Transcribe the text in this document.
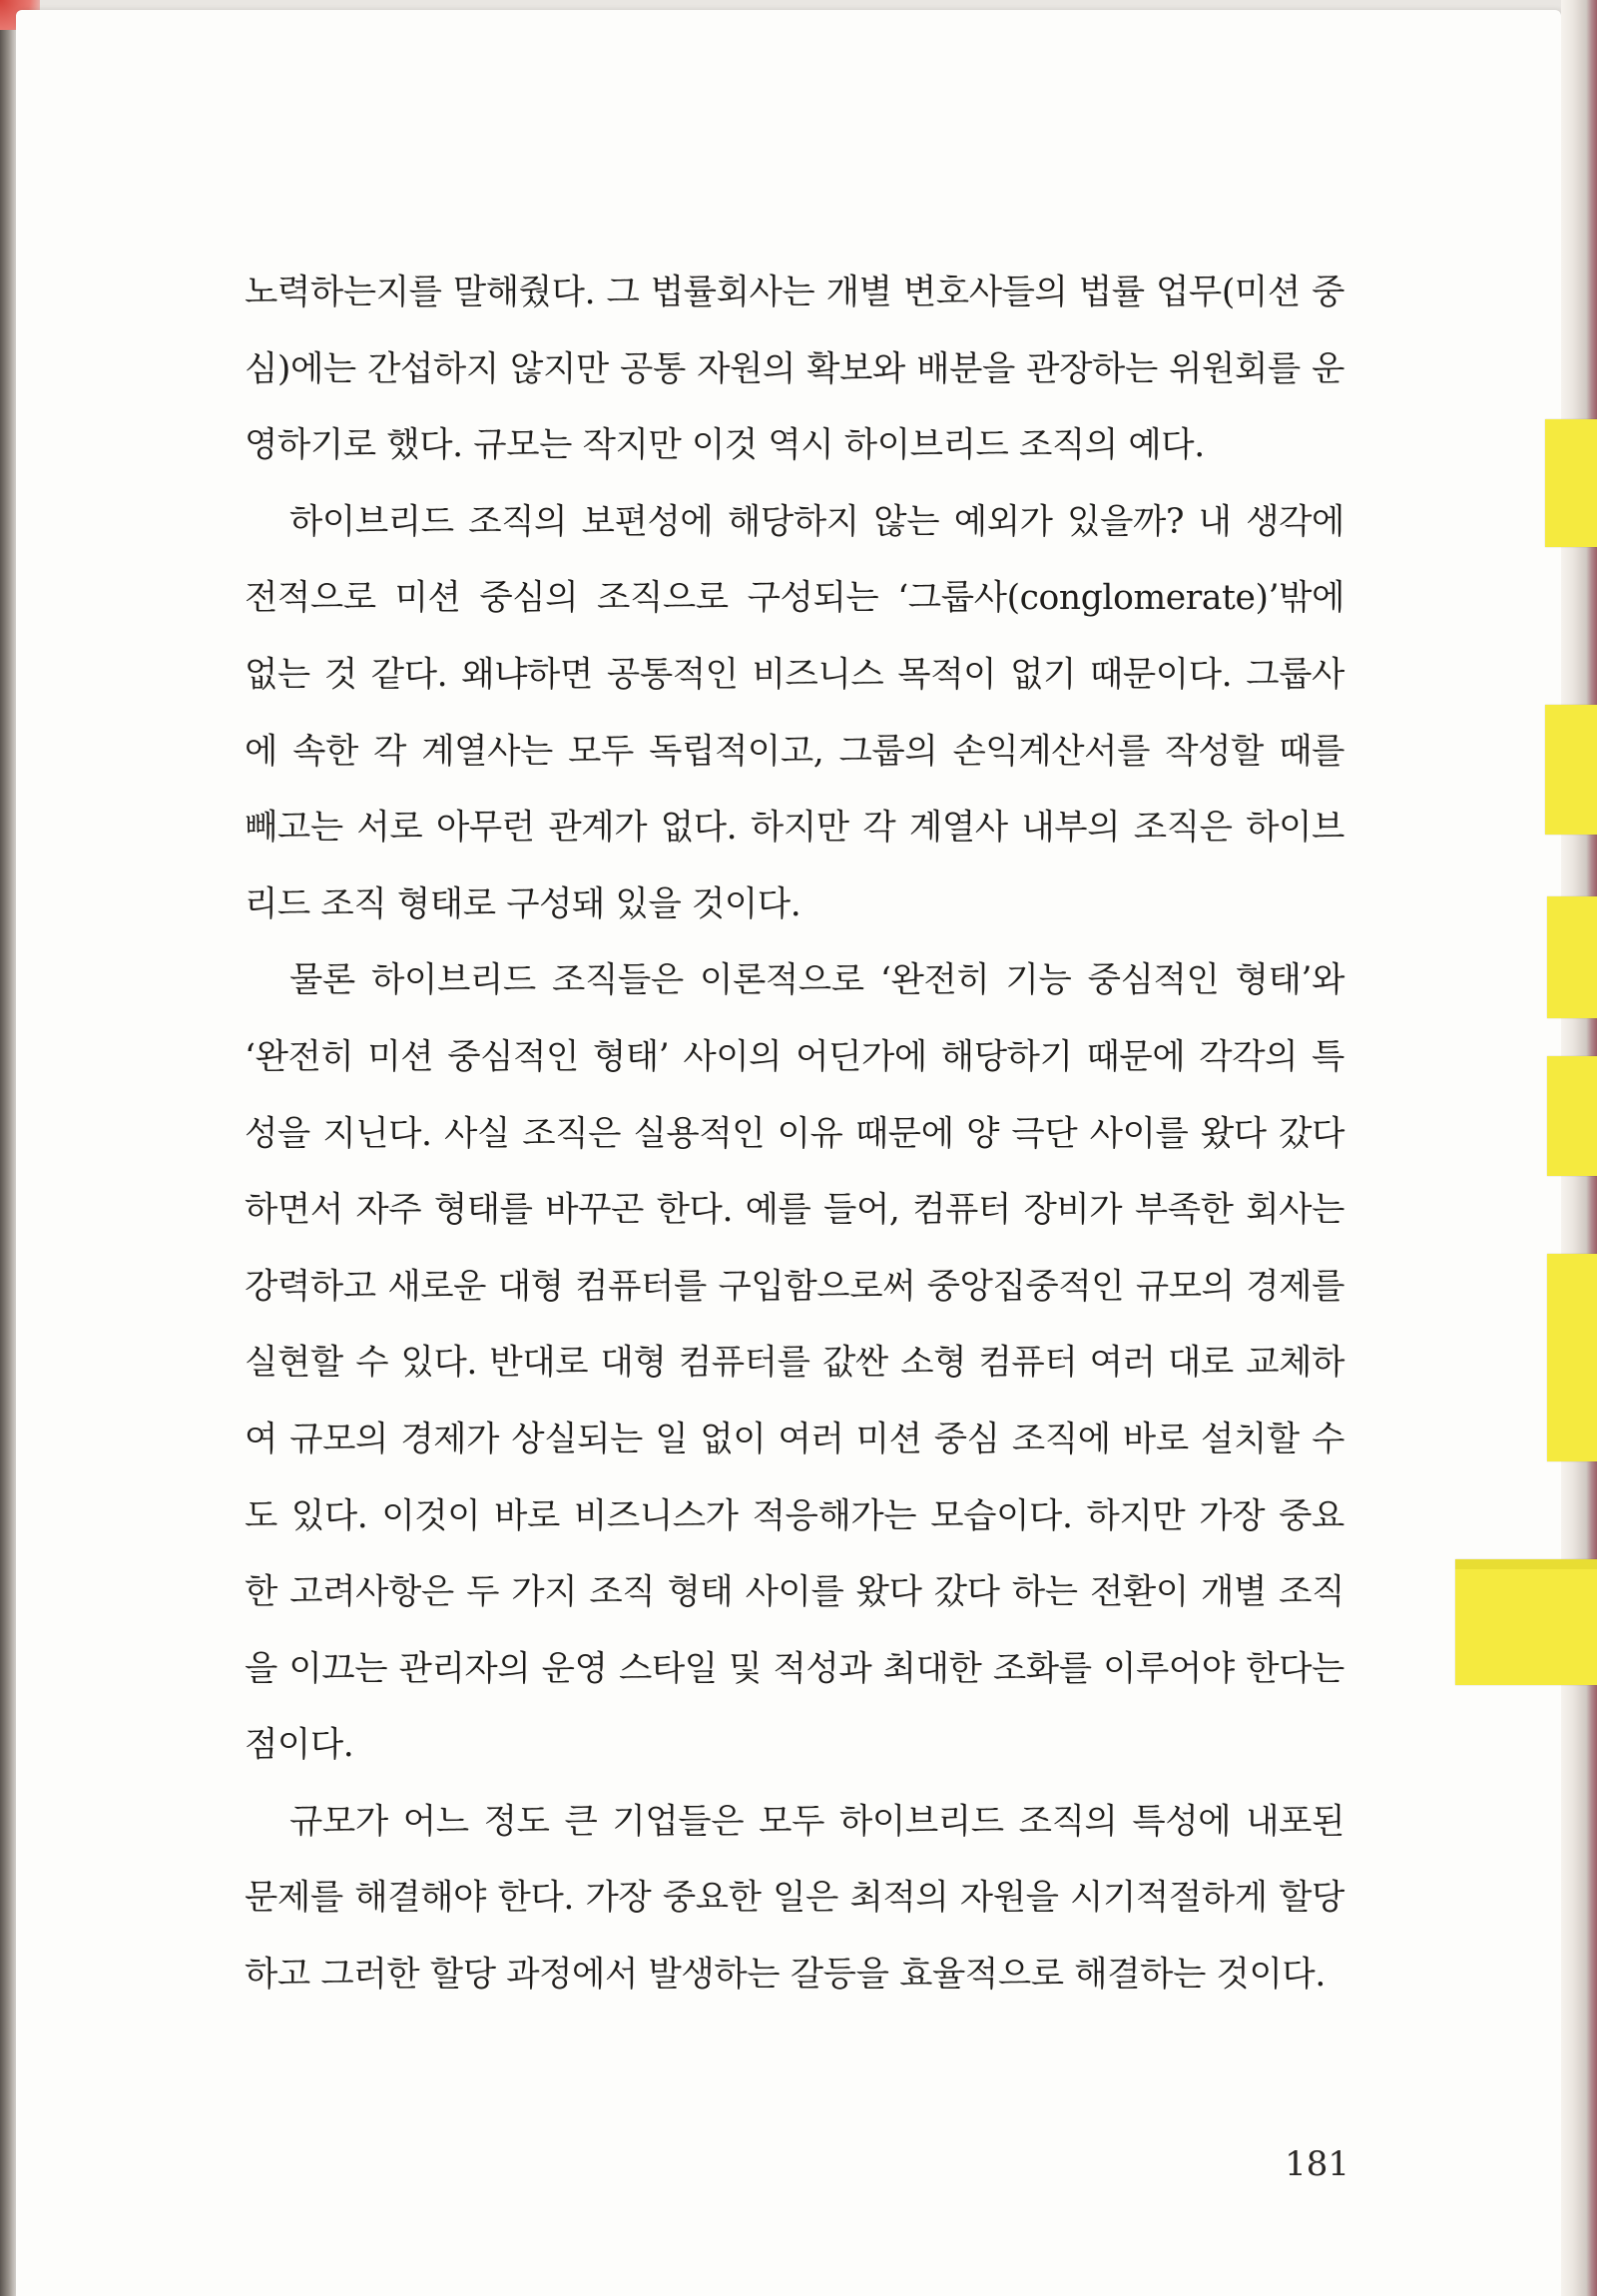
노력하는지를 말해줬다. 그 법률회사는 개별 변호사들의 법률 업무(미션 중심)에는 간섭하지 않지만 공통 자원의 확보와 배분을 관장하는 위원회를 운영하기로 했다. 규모는 작지만 이것 역시 하이브리드 조직의 예다.

하이브리드 조직의 보편성에 해당하지 않는 예외가 있을까? 내 생각에 전적으로 미션 중심의 조직으로 구성되는 ‘그룹사(conglomerate)’밖에 없는 것 같다. 왜냐하면 공통적인 비즈니스 목적이 없기 때문이다. 그룹사에 속한 각 계열사는 모두 독립적이고, 그룹의 손익계산서를 작성할 때를 빼고는 서로 아무런 관계가 없다. 하지만 각 계열사 내부의 조직은 하이브리드 조직 형태로 구성돼 있을 것이다.

물론 하이브리드 조직들은 이론적으로 ‘완전히 기능 중심적인 형태’와 ‘완전히 미션 중심적인 형태’ 사이의 어딘가에 해당하기 때문에 각각의 특성을 지닌다. 사실 조직은 실용적인 이유 때문에 양 극단 사이를 왔다 갔다 하면서 자주 형태를 바꾸곤 한다. 예를 들어, 컴퓨터 장비가 부족한 회사는 강력하고 새로운 대형 컴퓨터를 구입함으로써 중앙집중적인 규모의 경제를 실현할 수 있다. 반대로 대형 컴퓨터를 값싼 소형 컴퓨터 여러 대로 교체하여 규모의 경제가 상실되는 일 없이 여러 미션 중심 조직에 바로 설치할 수도 있다. 이것이 바로 비즈니스가 적응해가는 모습이다. 하지만 가장 중요한 고려사항은 두 가지 조직 형태 사이를 왔다 갔다 하는 전환이 개별 조직을 이끄는 관리자의 운영 스타일 및 적성과 최대한 조화를 이루어야 한다는 점이다.

규모가 어느 정도 큰 기업들은 모두 하이브리드 조직의 특성에 내포된 문제를 해결해야 한다. 가장 중요한 일은 최적의 자원을 시기적절하게 할당하고 그러한 할당 과정에서 발생하는 갈등을 효율적으로 해결하는 것이다.

181
